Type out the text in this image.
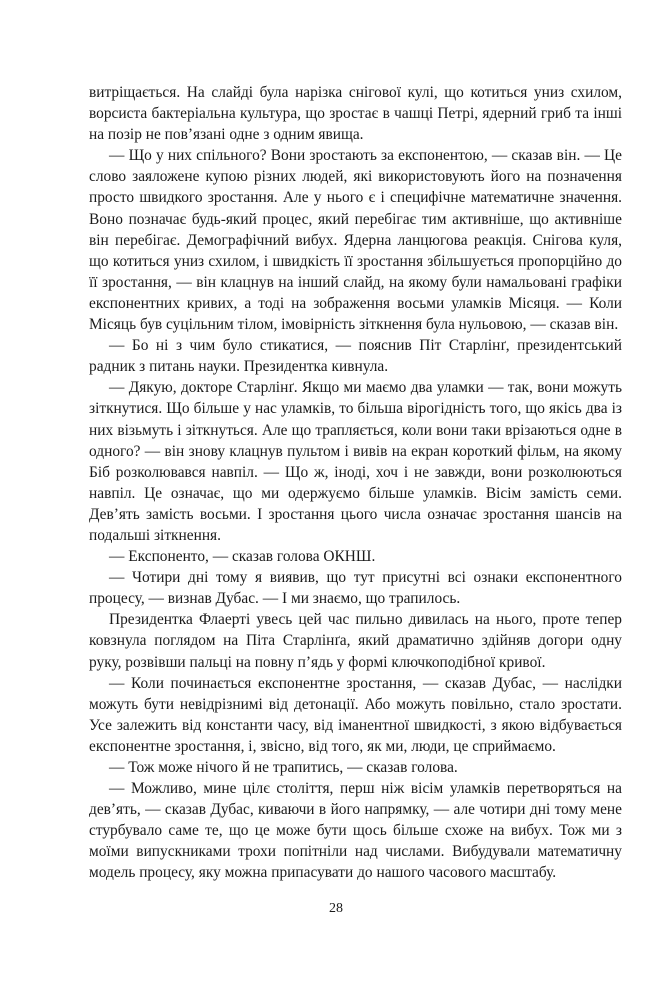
витріщається. На слайді була нарізка снігової кулі, що котиться униз схилом, ворсиста бактеріальна культура, що зростає в чашці Петрі, ядерний гриб та інші на позір не пов’язані одне з одним явища.

— Що у них спільного? Вони зростають за експонентою, — сказав він. — Це слово заяложене купою різних людей, які використовують його на позначення просто швидкого зростання. Але у нього є і специфічне математичне значення. Воно позначає будь-який процес, який перебігає тим активніше, що активніше він перебігає. Демографічний вибух. Ядерна ланцюгова реакція. Снігова куля, що котиться униз схилом, і швидкість її зростання збільшується пропорційно до її зростання, — він клацнув на інший слайд, на якому були намальовані графіки експонентних кривих, а тоді на зображення восьми уламків Місяця. — Коли Місяць був суцільним тілом, імовірність зіткнення була нульовою, — сказав він.

— Бо ні з чим було стикатися, — пояснив Піт Старлінґ, президентський радник з питань науки. Президентка кивнула.

— Дякую, докторе Старлінґ. Якщо ми маємо два уламки — так, вони можуть зіткнутися. Що більше у нас уламків, то більша вірогідність того, що якісь два із них візьмуть і зіткнуться. Але що трапляється, коли вони таки врізаються одне в одного? — він знову клацнув пультом і вивів на екран короткий фільм, на якому Біб розколювався навпіл. — Що ж, іноді, хоч і не завжди, вони розколюються навпіл. Це означає, що ми одержуємо більше уламків. Вісім замість семи. Дев’ять замість восьми. І зростання цього числа означає зростання шансів на подальші зіткнення.

— Експоненто, — сказав голова ОКНШ.

— Чотири дні тому я виявив, що тут присутні всі ознаки експонентного процесу, — визнав Дубас. — І ми знаємо, що трапилось.

Президентка Флаерті увесь цей час пильно дивилась на нього, проте тепер ковзнула поглядом на Піта Старлінґа, який драматично здійняв догори одну руку, розвівши пальці на повну п’ядь у формі ключкоподібної кривої.

— Коли починається експонентне зростання, — сказав Дубас, — наслідки можуть бути невідрізнимі від детонації. Або можуть повільно, стало зростати. Усе залежить від константи часу, від іманентної швидкості, з якою відбувається експонентне зростання, і, звісно, від того, як ми, люди, це сприймаємо.

— Тож може нічого й не трапитись, — сказав голова.

— Можливо, мине цілє століття, перш ніж вісім уламків перетворяться на дев’ять, — сказав Дубас, киваючи в його напрямку, — але чотири дні тому мене стурбувало саме те, що це може бути щось більше схоже на вибух. Тож ми з моїми випускниками трохи попітніли над числами. Вибудували математичну модель процесу, яку можна припасувати до нашого часового масштабу.

28
